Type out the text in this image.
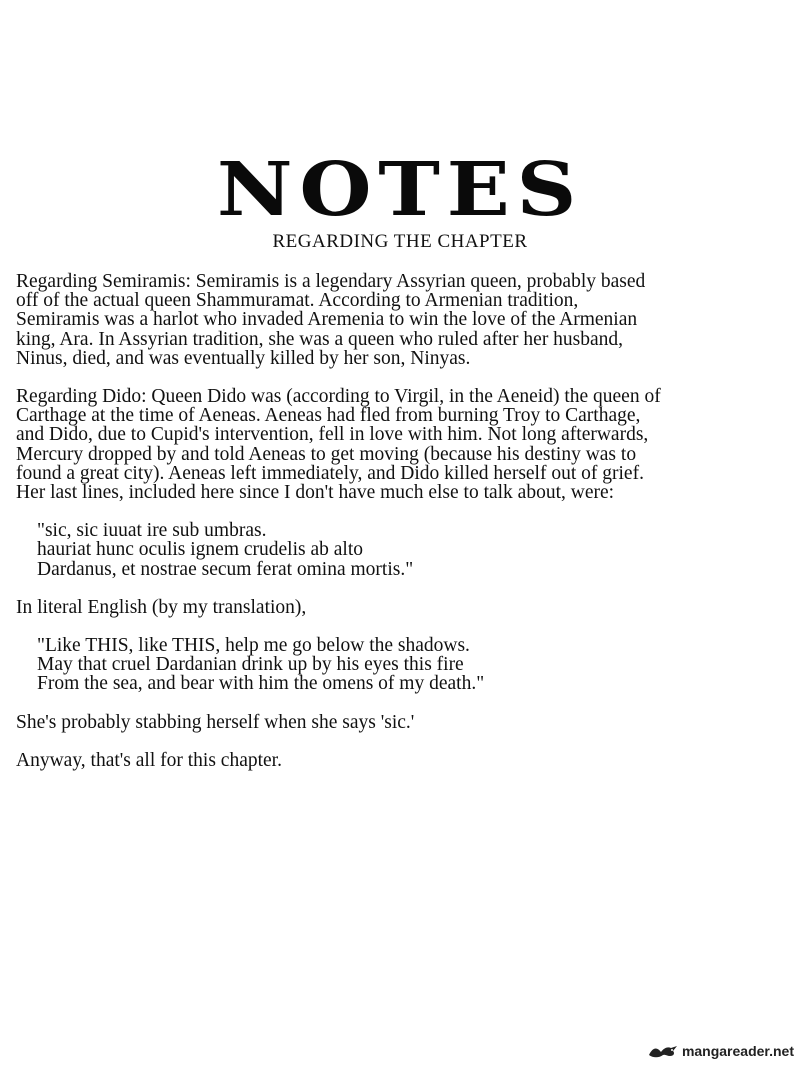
NOTES
REGARDING THE CHAPTER

Regarding Semiramis: Semiramis is a legendary Assyrian queen, probably based
off of the actual queen Shammuramat. According to Armenian tradition,
Semiramis was a harlot who invaded Aremenia to win the love of the Armenian
king, Ara. In Assyrian tradition, she was a queen who ruled after her husband,
Ninus, died, and was eventually killed by her son, Ninyas.

Regarding Dido: Queen Dido was (according to Virgil, in the Aeneid) the queen of
Carthage at the time of Aeneas. Aeneas had fled from burning Troy to Carthage,
and Dido, due to Cupid's intervention, fell in love with him. Not long afterwards,
Mercury dropped by and told Aeneas to get moving (because his destiny was to
found a great city). Aeneas left immediately, and Dido killed herself out of grief.
Her last lines, included here since I don't have much else to talk about, were:

"sic, sic iuuat ire sub umbras.
hauriat hunc oculis ignem crudelis ab alto
Dardanus, et nostrae secum ferat omina mortis."

In literal English (by my translation),

"Like THIS, like THIS, help me go below the shadows.
May that cruel Dardanian drink up by his eyes this fire
From the sea, and bear with him the omens of my death."

She's probably stabbing herself when she says 'sic.'

Anyway, that's all for this chapter.

mangareader.net
